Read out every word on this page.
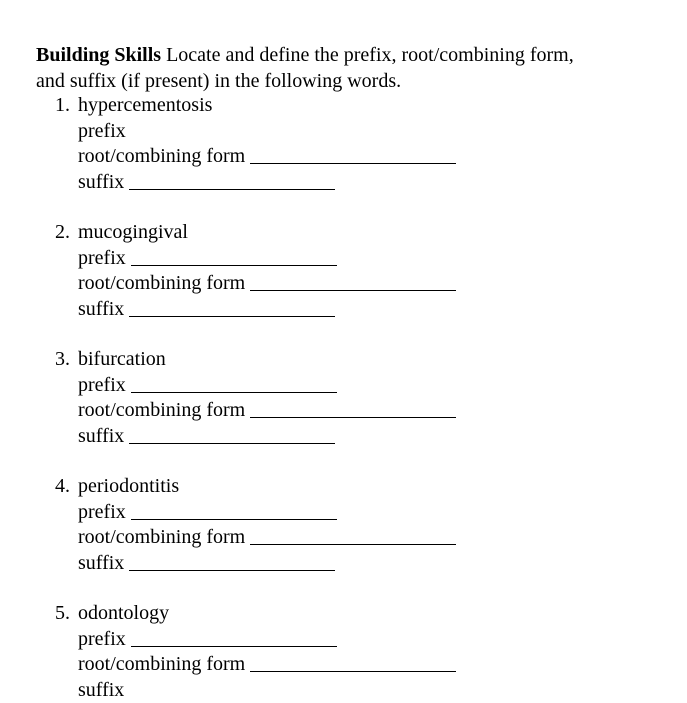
Building Skills Locate and define the prefix, root/combining form, and suffix (if present) in the following words.
1. hypercementosis
prefix
root/combining form
suffix
2. mucogingival
prefix
root/combining form
suffix
3. bifurcation
prefix
root/combining form
suffix
4. periodontitis
prefix
root/combining form
suffix
5. odontology
prefix
root/combining form
suffix
